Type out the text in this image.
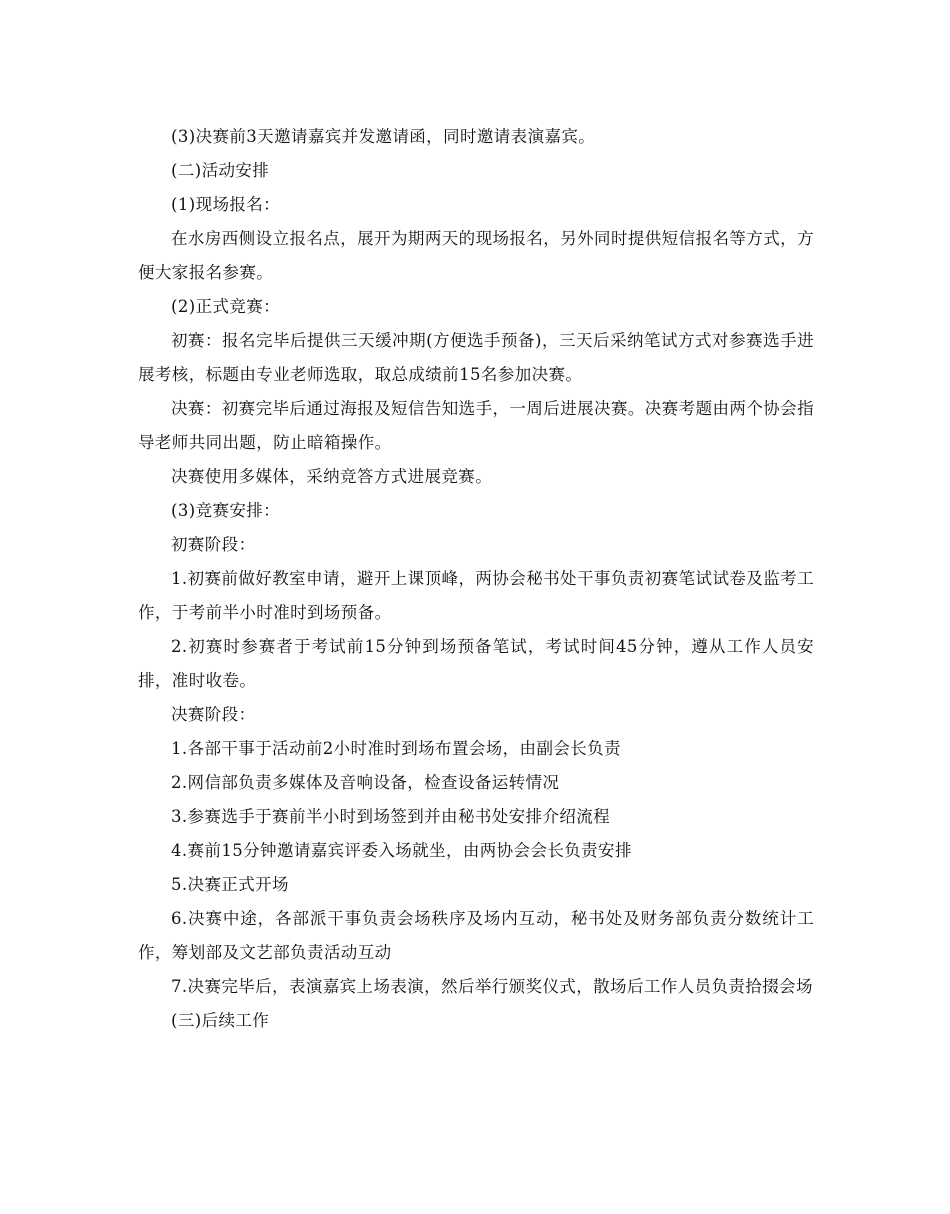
(3)决赛前3天邀请嘉宾并发邀请函，同时邀请表演嘉宾。

(二)活动安排

(1)现场报名：

在水房西侧设立报名点，展开为期两天的现场报名，另外同时提供短信报名等方式，方便大家报名参赛。

(2)正式竞赛：

初赛：报名完毕后提供三天缓冲期(方便选手预备)，三天后采纳笔试方式对参赛选手进展考核，标题由专业老师选取，取总成绩前15名参加决赛。

决赛：初赛完毕后通过海报及短信告知选手，一周后进展决赛。决赛考题由两个协会指导老师共同出题，防止暗箱操作。

决赛使用多媒体，采纳竞答方式进展竞赛。

(3)竞赛安排：

初赛阶段：

1.初赛前做好教室申请，避开上课顶峰，两协会秘书处干事负责初赛笔试试卷及监考工作，于考前半小时准时到场预备。

2.初赛时参赛者于考试前15分钟到场预备笔试，考试时间45分钟，遵从工作人员安排，准时收卷。

决赛阶段：

1.各部干事于活动前2小时准时到场布置会场，由副会长负责

2.网信部负责多媒体及音响设备，检查设备运转情况

3.参赛选手于赛前半小时到场签到并由秘书处安排介绍流程

4.赛前15分钟邀请嘉宾评委入场就坐，由两协会会长负责安排

5.决赛正式开场

6.决赛中途，各部派干事负责会场秩序及场内互动，秘书处及财务部负责分数统计工作，筹划部及文艺部负责活动互动

7.决赛完毕后，表演嘉宾上场表演，然后举行颁奖仪式，散场后工作人员负责拾掇会场

(三)后续工作
